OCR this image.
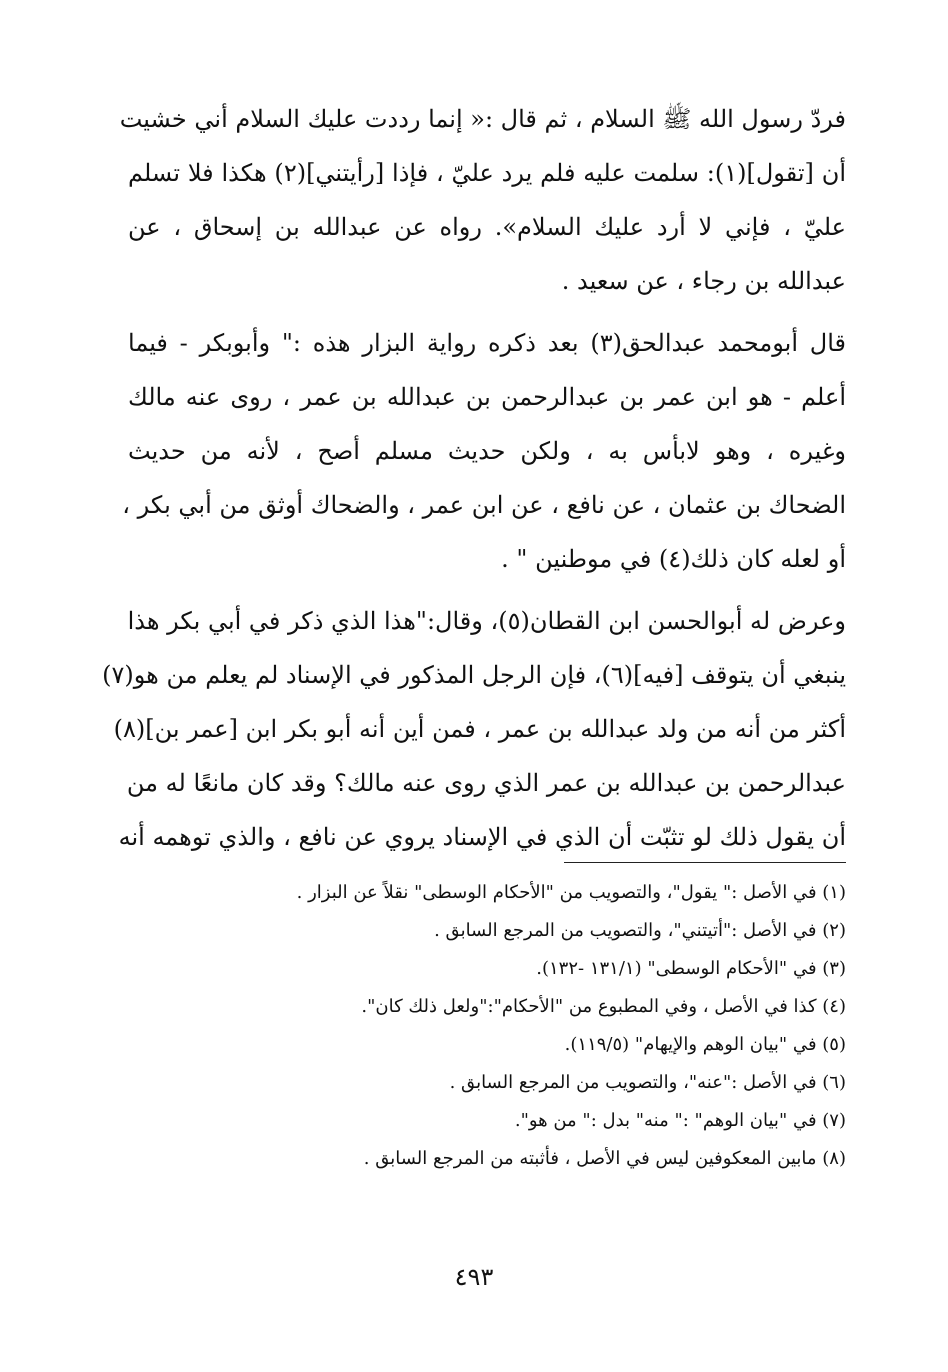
فردّ رسول الله ﷺ السلام ، ثم قال :« إنما رددت عليك السلام أني خشيت
أن [تقول](١): سلمت عليه فلم يرد عليّ ، فإذا [رأيتني](٢) هكذا فلا تسلم
عليّ ، فإني لا أرد عليك السلام». رواه عن عبدالله بن إسحاق ، عن
عبدالله بن رجاء ، عن سعيد .
قال أبومحمد عبدالحق(٣) بعد ذكره رواية البزار هذه :" وأبوبكر - فيما
أعلم - هو ابن عمر بن عبدالرحمن بن عبدالله بن عمر ، روى عنه مالك
وغيره ، وهو لابأس به ، ولكن حديث مسلم أصح ، لأنه من حديث
الضحاك بن عثمان ، عن نافع ، عن ابن عمر ، والضحاك أوثق من أبي بكر ،
أو لعله كان ذلك(٤) في موطنين " .
وعرض له أبوالحسن ابن القطان(٥)، وقال:"هذا الذي ذكر في أبي بكر هذا
ينبغي أن يتوقف [فيه](٦)، فإن الرجل المذكور في الإسناد لم يعلم من هو(٧)
أكثر من أنه من ولد عبدالله بن عمر ، فمن أين أنه أبو بكر ابن [عمر بن](٨)
عبدالرحمن بن عبدالله بن عمر الذي روى عنه مالك؟ وقد كان مانعًا له من
أن يقول ذلك لو تثبّت أن الذي في الإسناد يروي عن نافع ، والذي توهمه أنه
(١) في الأصل :" يقول"، والتصويب من "الأحكام الوسطى" نقلاً عن البزار .
(٢) في الأصل :"أتيتني"، والتصويب من المرجع السابق .
(٣) في "الأحكام الوسطى" (١٣١/١ -١٣٢).
(٤) كذا في الأصل ، وفي المطبوع من "الأحكام":"ولعل ذلك كان".
(٥) في "بيان الوهم والإيهام" (١١٩/٥).
(٦) في الأصل :"عنه"، والتصويب من المرجع السابق .
(٧) في "بيان الوهم" :" منه" بدل :" من هو".
(٨) مابين المعكوفين ليس في الأصل ، فأثبته من المرجع السابق .
٤٩٣
